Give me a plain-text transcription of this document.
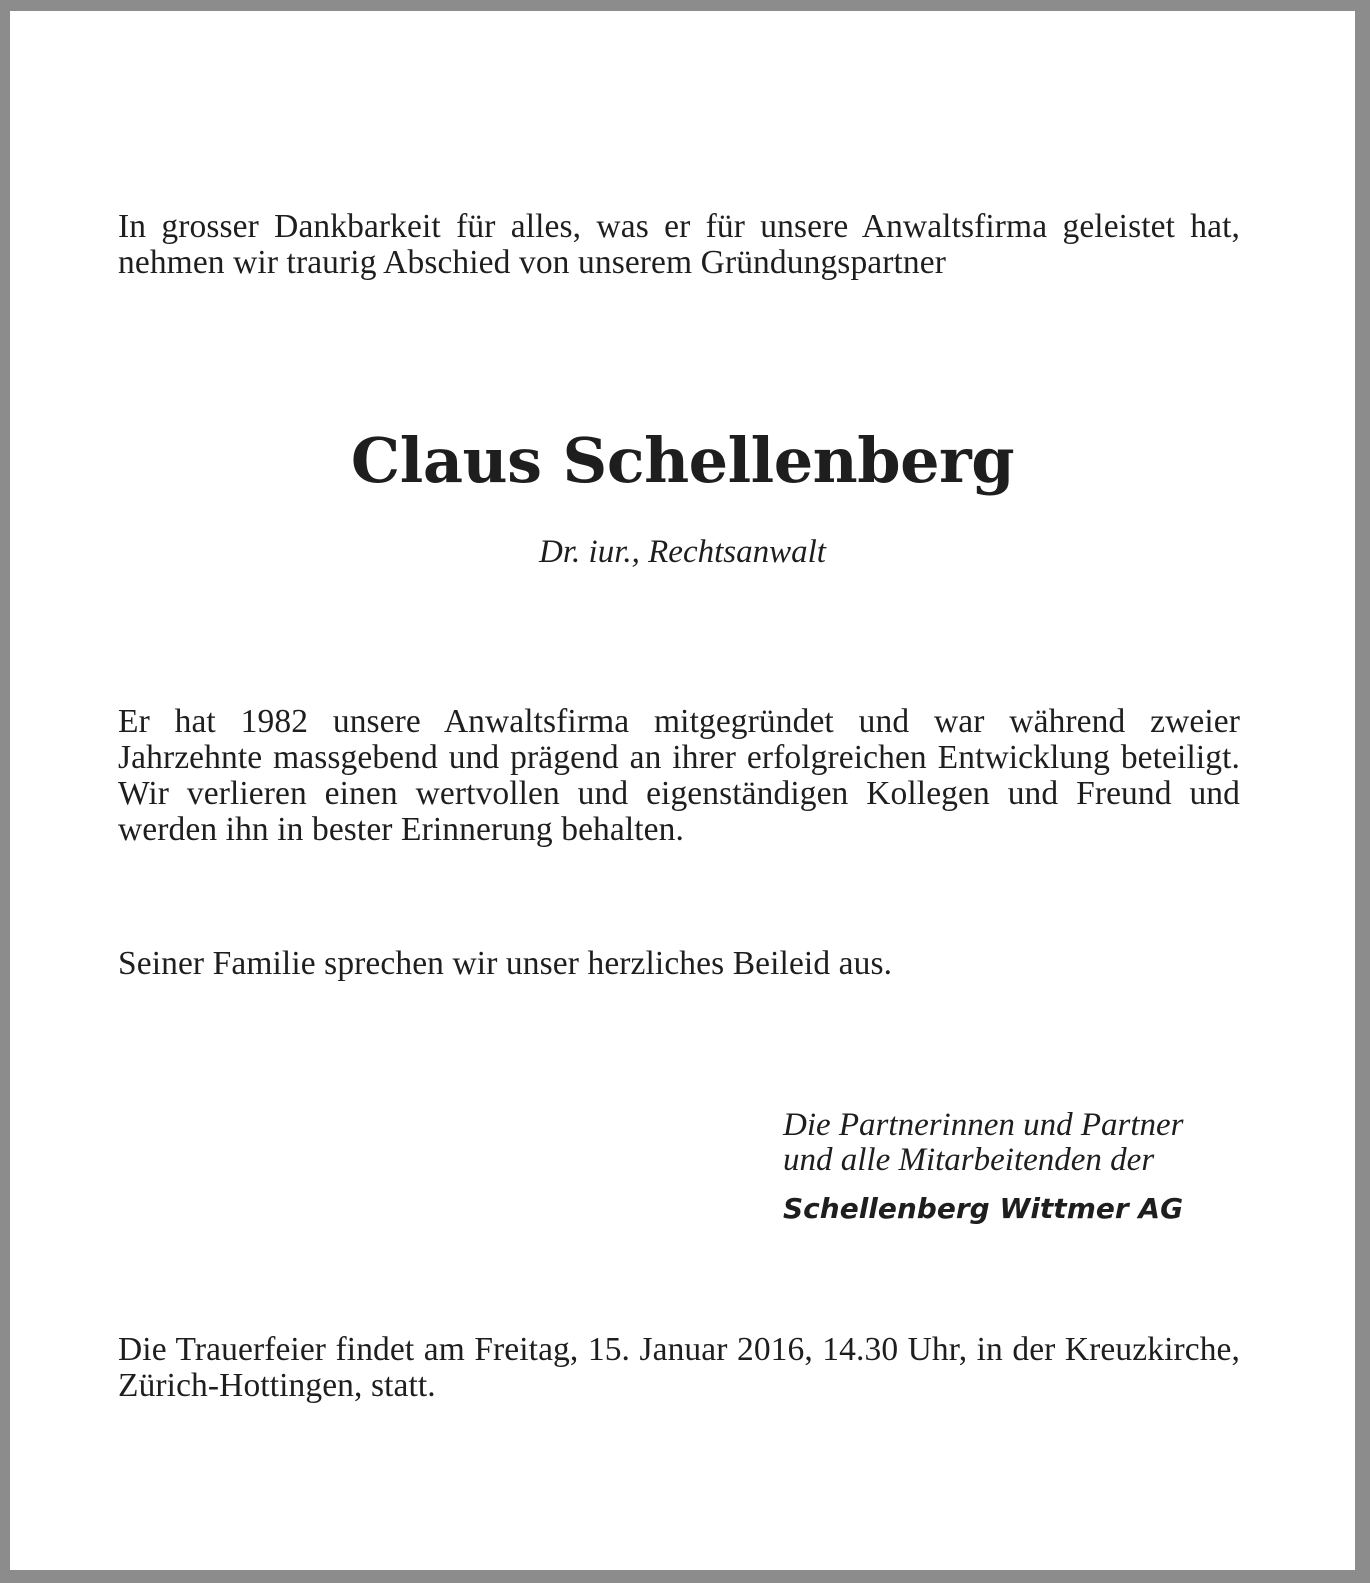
In grosser Dankbarkeit für alles, was er für unsere Anwaltsfirma geleistet hat, nehmen wir traurig Abschied von unserem Gründungspartner

Claus Schellenberg

Dr. iur., Rechtsanwalt

Er hat 1982 unsere Anwaltsfirma mitgegründet und war während zweier Jahrzehnte massgebend und prägend an ihrer erfolgreichen Entwicklung beteiligt. Wir verlieren einen wertvollen und eigenständigen Kollegen und Freund und werden ihn in bester Erinnerung behalten.

Seiner Familie sprechen wir unser herzliches Beileid aus.

Die Partnerinnen und Partner
und alle Mitarbeitenden der
Schellenberg Wittmer AG

Die Trauerfeier findet am Freitag, 15. Januar 2016, 14.30 Uhr, in der Kreuzkirche, Zürich-Hottingen, statt.
